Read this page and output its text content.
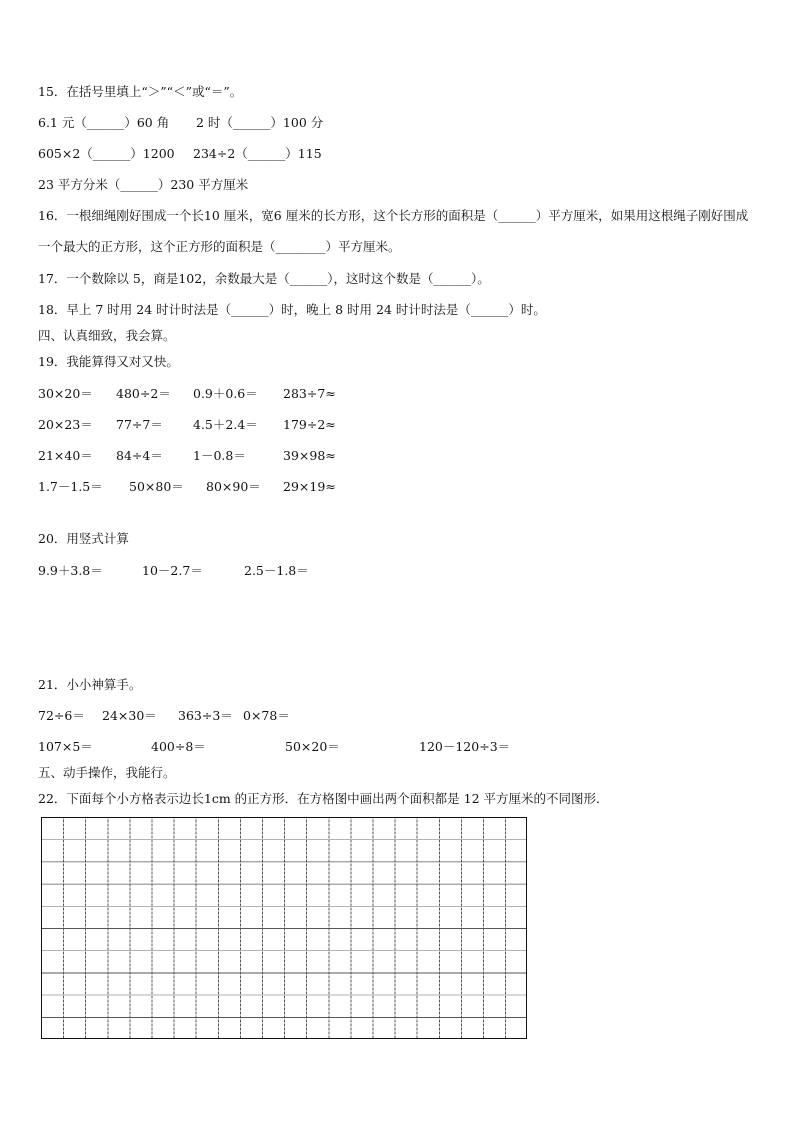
15．在括号里填上“＞”“＜”或“＝”。

6.1 元（______）60 角	2 时（______）100 分
605×2（______）1200	234÷2（______）115

23 平方分米（______）230 平方厘米

16．一根细绳刚好围成一个长10 厘米，宽6 厘米的长方形，这个长方形的面积是（______）平方厘米，如果用这根绳子刚好围成一个最大的正方形，这个正方形的面积是（________）平方厘米。

17．一个数除以 5，商是102，余数最大是（______），这时这个数是（______）。

18．早上 7 时用 24 时计时法是（______）时，晚上 8 时用 24 时计时法是（______）时。

四、认真细致，我会算。

19．我能算得又对又快。

30×20＝	480÷2＝	0.9＋0.6＝	283÷7≈
20×23＝	77÷7＝	4.5＋2.4＝	179÷2≈
21×40＝	84÷4＝	1－0.8＝	39×98≈
1.7－1.5＝	50×80＝	80×90＝	29×19≈

20．用竖式计算

9.9＋3.8＝	10－2.7＝	2.5－1.8＝

21．小小神算手。

72÷6＝	24×30＝	363÷3＝ 0×78＝
107×5＝	400÷8＝	50×20＝	120－120÷3＝

五、动手操作，我能行。

22．下面每个小方格表示边长1cm 的正方形．在方格图中画出两个面积都是 12 平方厘米的不同图形．
